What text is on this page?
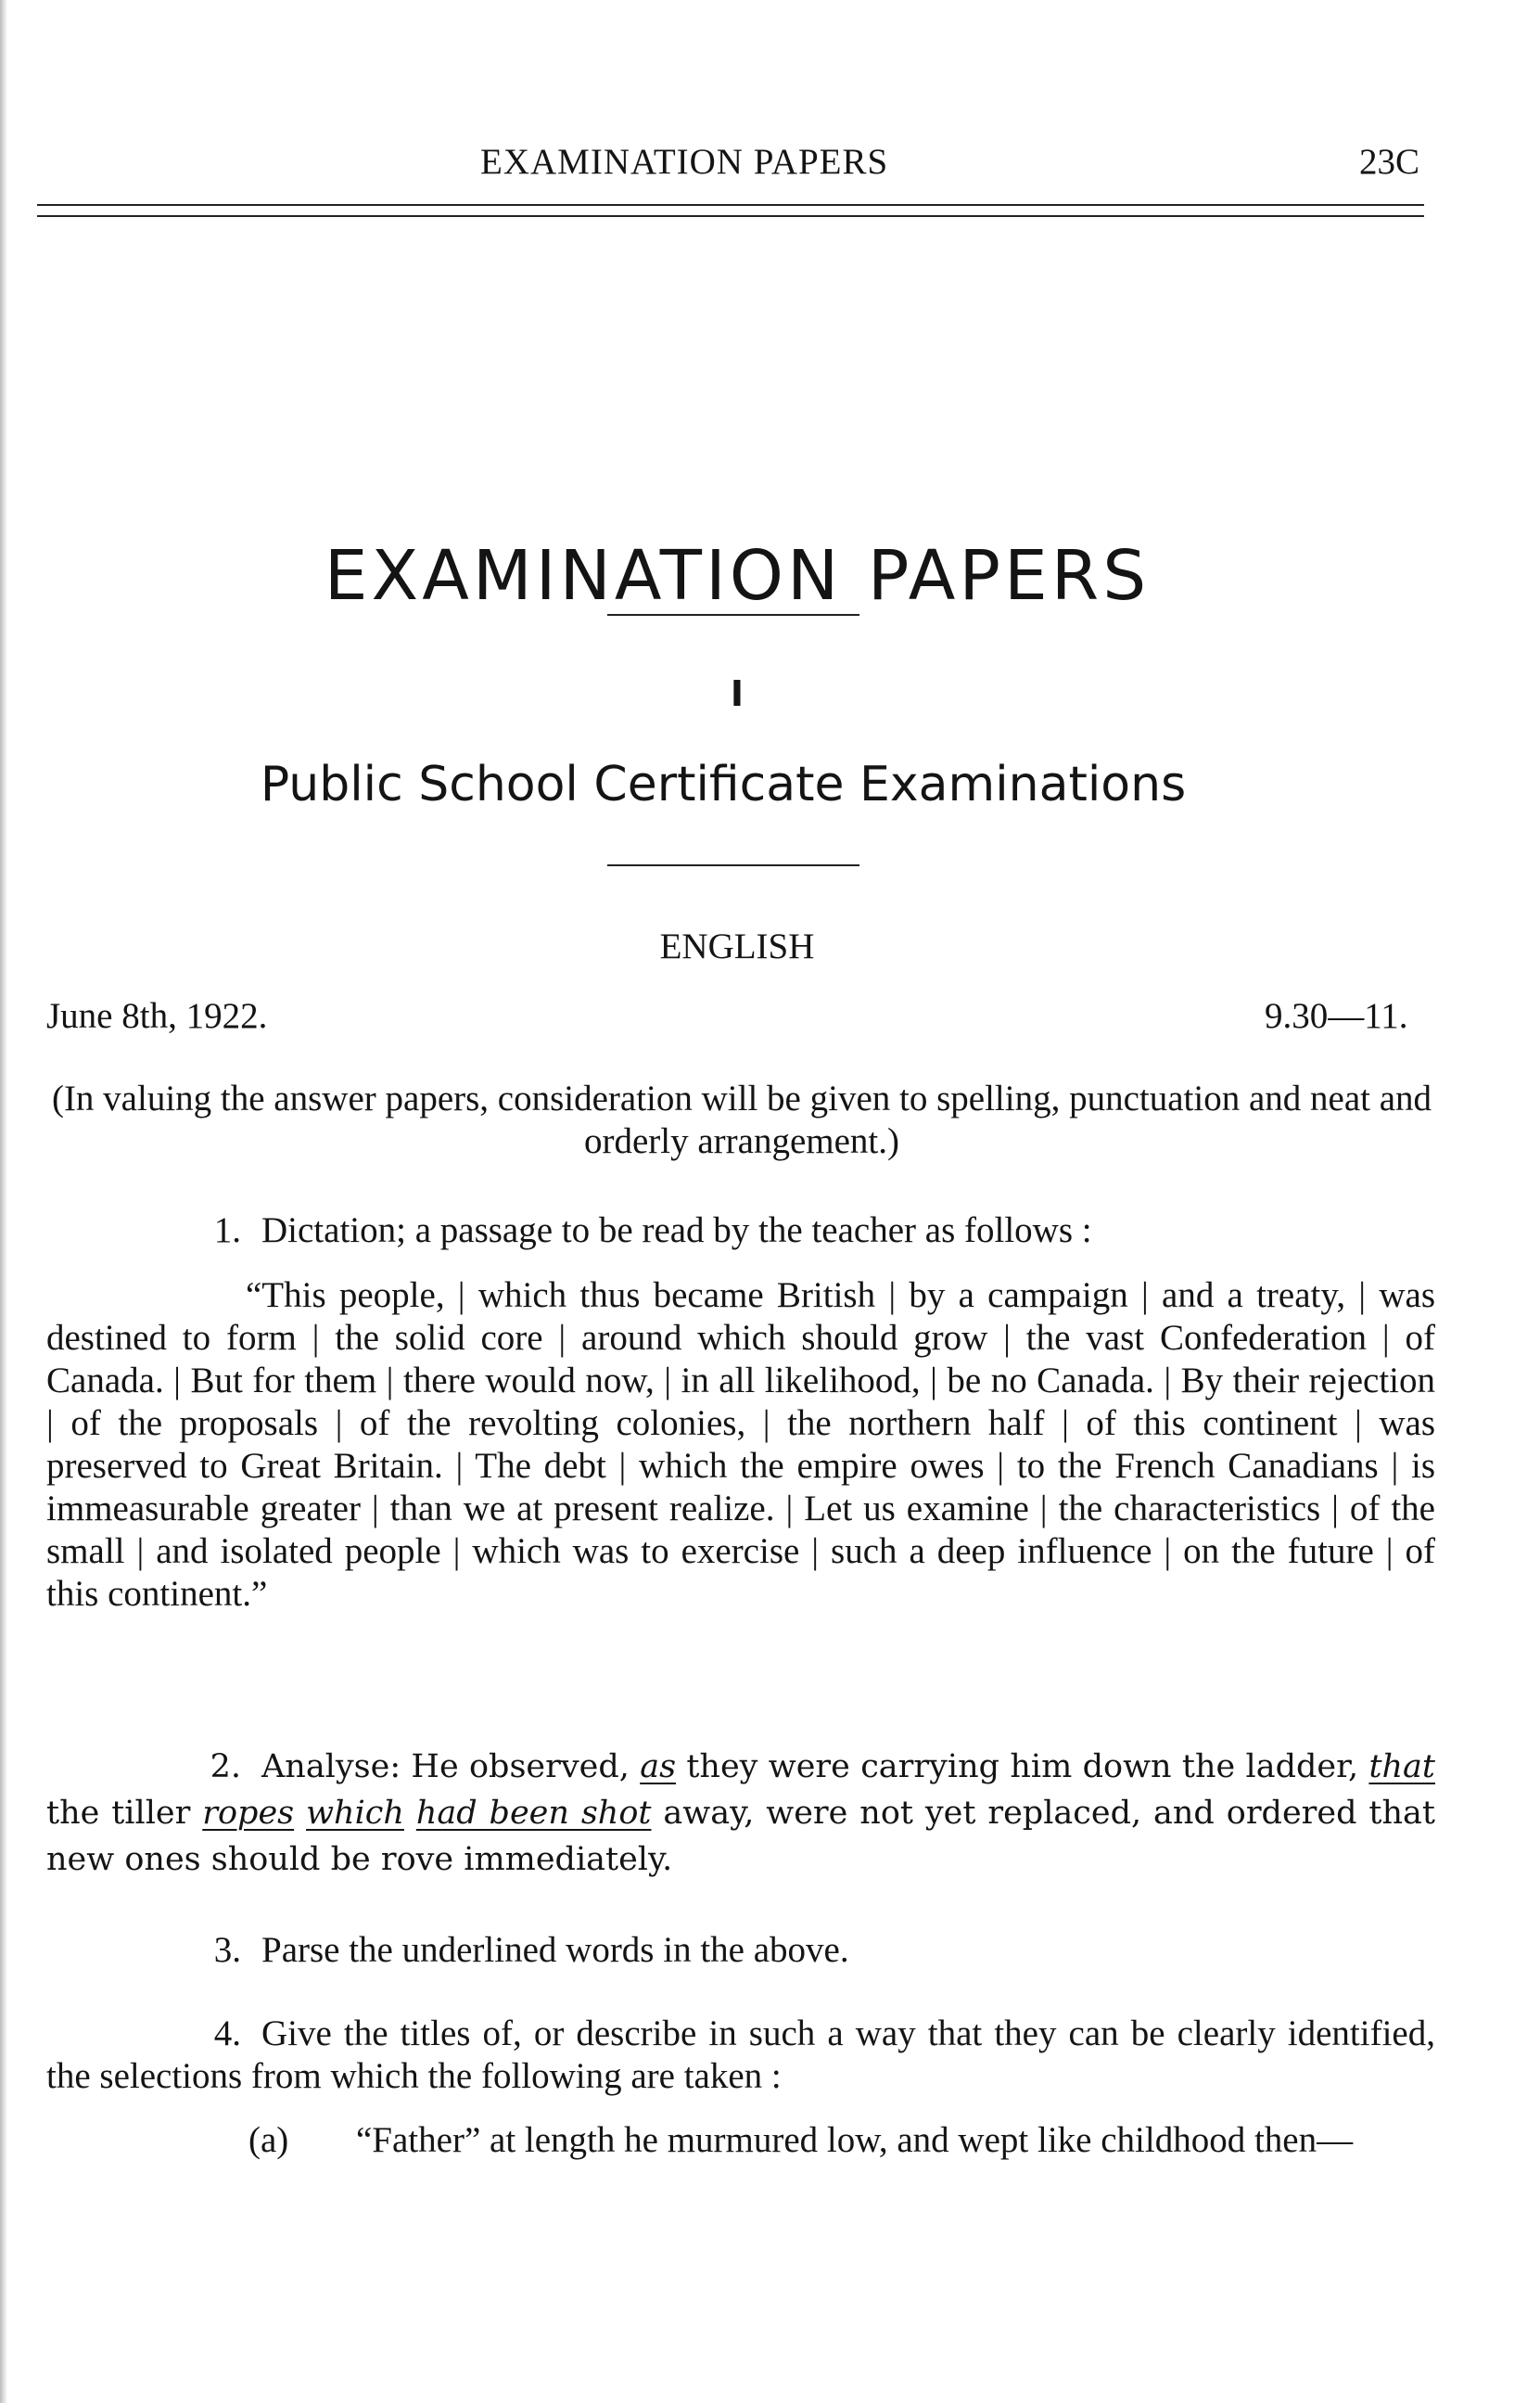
EXAMINATION PAPERS	23C
EXAMINATION PAPERS
I
Public School Certificate Examinations
ENGLISH
June 8th, 1922.	9.30—11.
(In valuing the answer papers, consideration will be given to spelling, punctuation and neat and orderly arrangement.)
1. Dictation; a passage to be read by the teacher as follows :
“This people, | which thus became British | by a campaign | and a treaty, | was destined to form | the solid core | around which should grow | the vast Confederation | of Canada. | But for them | there would now, | in all likelihood, | be no Canada. | By their rejection | of the proposals | of the revolting colonies, | the northern half | of this continent | was preserved to Great Britain. | The debt | which the empire owes | to the French Canadians | is immeasurable greater | than we at present realize. | Let us examine | the characteristics | of the small | and isolated people | which was to exercise | such a deep influence | on the future | of this continent.”
2. Analyse: He observed, as they were carrying him down the ladder, that the tiller ropes which had been shot away, were not yet replaced, and ordered that new ones should be rove immediately.
3. Parse the underlined words in the above.
4. Give the titles of, or describe in such a way that they can be clearly identified, the selections from which the following are taken :
(a) “Father” at length he murmured low, and wept like childhood then—
